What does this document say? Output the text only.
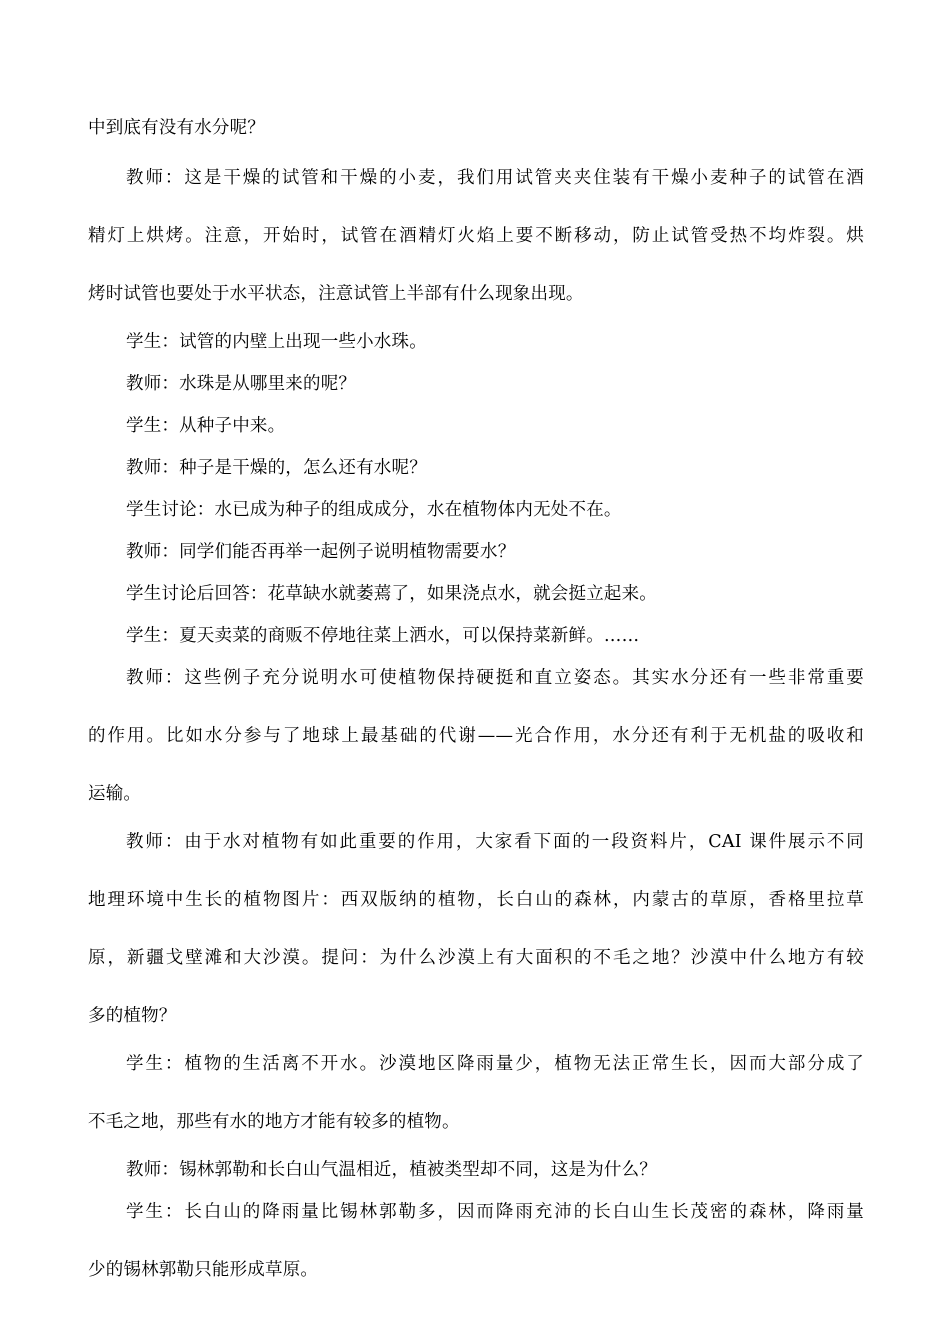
中到底有没有水分呢？
教师：这是干燥的试管和干燥的小麦，我们用试管夹夹住装有干燥小麦种子的试管在酒
精灯上烘烤。注意，开始时，试管在酒精灯火焰上要不断移动，防止试管受热不均炸裂。烘
烤时试管也要处于水平状态，注意试管上半部有什么现象出现。
学生：试管的内壁上出现一些小水珠。
教师：水珠是从哪里来的呢？
学生：从种子中来。
教师：种子是干燥的，怎么还有水呢？
学生讨论：水已成为种子的组成成分，水在植物体内无处不在。
教师：同学们能否再举一起例子说明植物需要水？
学生讨论后回答：花草缺水就萎蔫了，如果浇点水，就会挺立起来。
学生：夏天卖菜的商贩不停地往菜上洒水，可以保持菜新鲜。……
教师：这些例子充分说明水可使植物保持硬挺和直立姿态。其实水分还有一些非常重要
的作用。比如水分参与了地球上最基础的代谢——光合作用，水分还有利于无机盐的吸收和
运输。
教师：由于水对植物有如此重要的作用，大家看下面的一段资料片，CAI 课件展示不同
地理环境中生长的植物图片：西双版纳的植物，长白山的森林，内蒙古的草原，香格里拉草
原，新疆戈壁滩和大沙漠。提问：为什么沙漠上有大面积的不毛之地？沙漠中什么地方有较
多的植物？
学生：植物的生活离不开水。沙漠地区降雨量少，植物无法正常生长，因而大部分成了
不毛之地，那些有水的地方才能有较多的植物。
教师：锡林郭勒和长白山气温相近，植被类型却不同，这是为什么？
学生：长白山的降雨量比锡林郭勒多，因而降雨充沛的长白山生长茂密的森林，降雨量
少的锡林郭勒只能形成草原。
